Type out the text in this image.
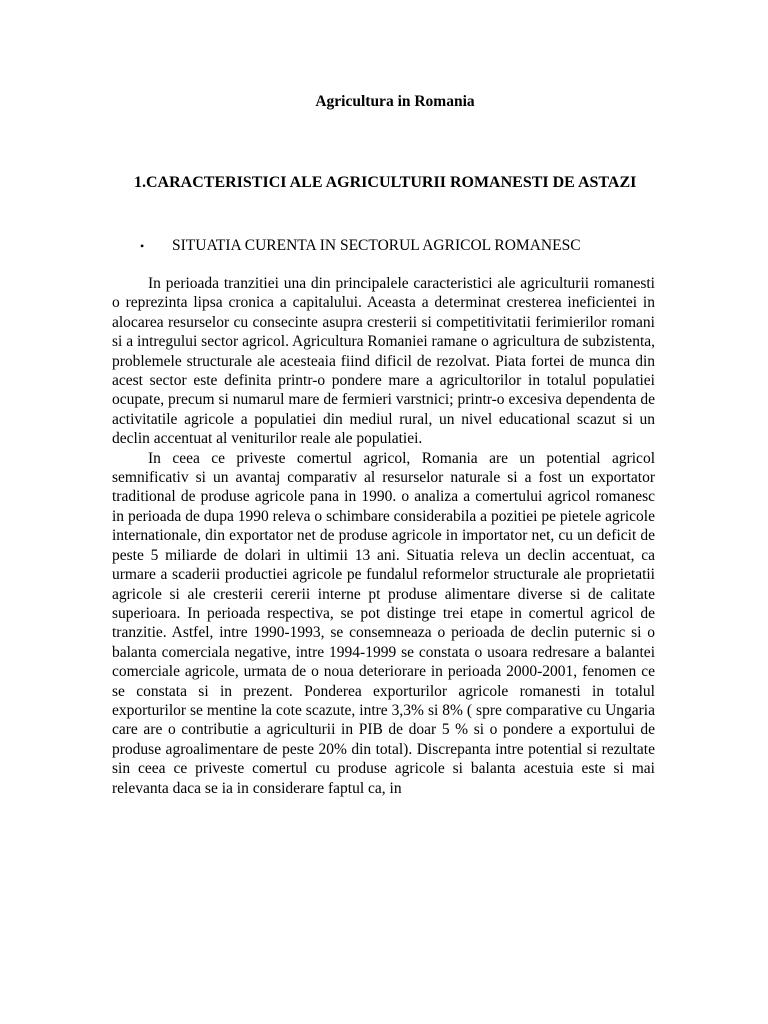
Agricultura in Romania
1.CARACTERISTICI ALE AGRICULTURII ROMANESTI DE ASTAZI
•	SITUATIA CURENTA IN SECTORUL AGRICOL ROMANESC

In perioada tranzitiei una din principalele caracteristici ale agriculturii romanesti o reprezinta lipsa cronica a capitalului. Aceasta a determinat cresterea ineficientei in alocarea resurselor cu consecinte asupra cresterii si competitivitatii ferimierilor romani si a intregului sector agricol. Agricultura Romaniei ramane o agricultura de subzistenta, problemele structurale ale acesteaia fiind dificil de rezolvat. Piata fortei de munca din acest sector este definita printr-o pondere mare a agricultorilor in totalul populatiei ocupate, precum si numarul mare de fermieri varstnici; printr-o excesiva dependenta de activitatile agricole a populatiei din mediul rural, un nivel educational scazut si un declin accentuat al veniturilor reale ale populatiei.

In ceea ce priveste comertul agricol, Romania are un potential agricol semnificativ si un avantaj comparativ al resurselor naturale si a fost un exportator traditional de produse agricole pana in 1990. o analiza a comertului agricol romanesc in perioada de dupa 1990 releva o schimbare considerabila a pozitiei pe pietele agricole internationale, din exportator net de produse agricole in importator net, cu un deficit de peste 5 miliarde de dolari in ultimii 13 ani. Situatia releva un declin accentuat, ca urmare a scaderii productiei agricole pe fundalul reformelor structurale ale proprietatii agricole si ale cresterii cererii interne pt produse alimentare diverse si de calitate superioara. In perioada respectiva, se pot distinge trei etape in comertul agricol de tranzitie. Astfel, intre 1990-1993, se consemneaza o perioada de declin puternic si o balanta comerciala negative, intre 1994-1999 se constata o usoara redresare a balantei comerciale agricole, urmata de o noua deteriorare in perioada 2000-2001, fenomen ce se constata si in prezent. Ponderea exporturilor agricole romanesti in totalul exporturilor se mentine la cote scazute, intre 3,3% si 8% ( spre comparative cu Ungaria care are o contributie a agriculturii in PIB de doar 5 % si o pondere a exportului de produse agroalimentare de peste 20% din total). Discrepanta intre potential si rezultate sin ceea ce priveste comertul cu produse agricole si balanta acestuia este si mai relevanta daca se ia in considerare faptul ca, in
